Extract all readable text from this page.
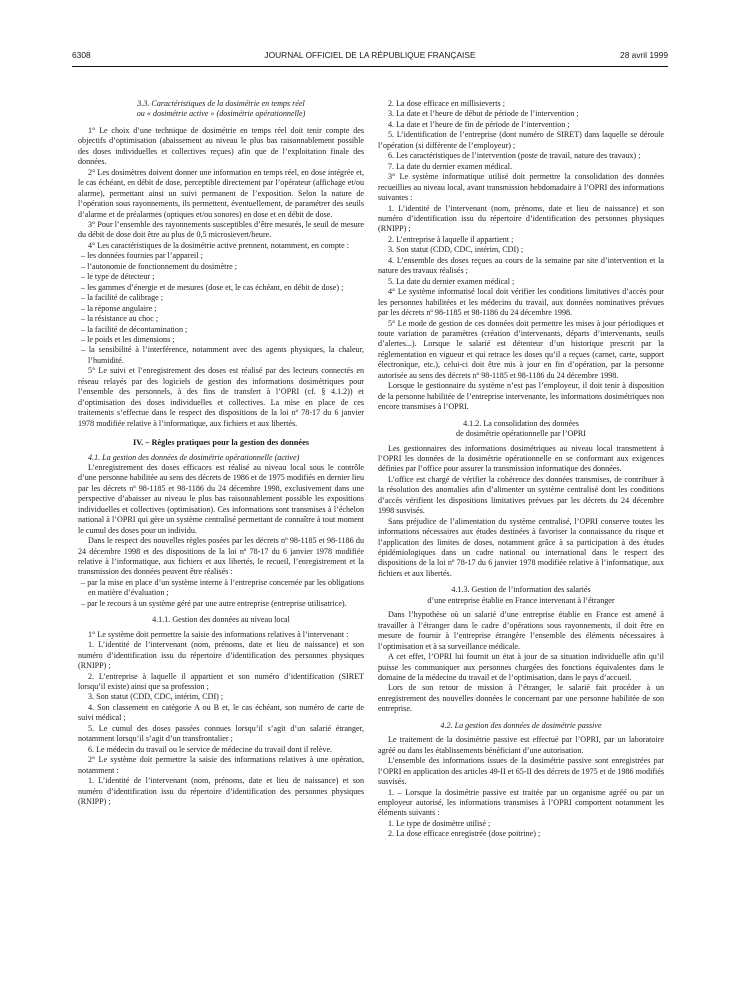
6308	JOURNAL OFFICIEL DE LA RÉPUBLIQUE FRANÇAISE	28 avril 1999
3.3. Caractéristiques de la dosimétrie en temps réel
ou « dosimétrie active » (dosimétrie opérationnelle)

1° Le choix d’une technique de dosimétrie en temps réel doit tenir compte des objectifs d’optimisation (abaissement au niveau le plus bas raisonnablement possible des doses individuelles et collectives reçues) afin que de l’exploitation finale des données.

2° Les dosimètres doivent donner une information en temps réel, en dose intégrée et, le cas échéant, en débit de dose, perceptible directement par l’opérateur (affichage et/ou alarme), permettant ainsi un suivi permanent de l’exposition. Selon la nature de l’opération sous rayonnements, ils permettent, éventuellement, de paramétrer des seuils d’alarme et de préalarmes (optiques et/ou sonores) en dose et en débit de dose.

3° Pour l’ensemble des rayonnements susceptibles d’être mesurés, le seuil de mesure du débit de dose doit être au plus de 0,5 microsievert/heure.

4° Les caractéristiques de la dosimétrie active prennent, notamment, en compte :

– les données fournies par l’appareil ;

– l’autonomie de fonctionnement du dosimètre ;

– le type de détecteur ;

– les gammes d’énergie et de mesures (dose et, le cas échéant, en débit de dose) ;

– la facilité de calibrage ;

– la réponse angulaire ;

– la résistance au choc ;

– la facilité de décontamination ;

– le poids et les dimensions ;

– la sensibilité à l’interférence, notamment avec des agents physiques, la chaleur, l’humidité.

5° Le suivi et l’enregistrement des doses est réalisé par des lecteurs connectés en réseau relayés par des logiciels de gestion des informations dosimétriques pour l’ensemble des personnels, à des fins de transfert à l’OPRI (cf. § 4.1.2)) et d’optimisation des doses individuelles et collectives. La mise en place de ces traitements s’effectue dans le respect des dispositions de la loi nº 78-17 du 6 janvier 1978 modifiée relative à l’informatique, aux fichiers et aux libertés.

IV. – Règles pratiques pour la gestion des données
4.1. La gestion des données de dosimétrie opérationnelle (active)

L’enregistrement des doses efficaces est réalisé au niveau local sous le contrôle d’une personne habilitée au sens des décrets de 1986 et de 1975 modifiés en dernier lieu par les décrets nº 98-1185 et 98-1186 du 24 décembre 1998, exclusivement dans une perspective d’abaisser au niveau le plus bas raisonnablement possible les expositions individuelles et collectives (optimisation). Ces informations sont transmises à l’échelon national à l’OPRI qui gère un système centralisé permettant de connaître à tout moment le cumul des doses pour un individu.

Dans le respect des nouvelles règles posées par les décrets nº 98-1185 et 98-1186 du 24 décembre 1998 et des dispositions de la loi nº 78-17 du 6 janvier 1978 modifiée relative à l’informatique, aux fichiers et aux libertés, le recueil, l’enregistrement et la transmission des données peuvent être réalisés :

– par la mise en place d’un système interne à l’entreprise concernée par les obligations en matière d’évaluation ;

– par le recours à un système géré par une autre entreprise (entreprise utilisatrice).

4.1.1. Gestion des données au niveau local

1° Le système doit permettre la saisie des informations relatives à l’intervenant :

1. L’identité de l’intervenant (nom, prénoms, date et lieu de naissance) et son numéro d’identification issu du répertoire d’identification des personnes physiques (RNIPP) ;

2. L’entreprise à laquelle il appartient et son numéro d’identification (SIRET lorsqu’il existe) ainsi que sa profession ;

3. Son statut (CDD, CDC, intérim, CDI) ;

4. Son classement en catégorie A ou B et, le cas échéant, son numéro de carte de suivi médical ;

5. Le cumul des doses passées connues lorsqu’il s’agit d’un salarié étranger, notamment lorsqu’il s’agit d’un transfrontalier ;

6. Le médecin du travail ou le service de médecine du travail dont il relève.

2° Le système doit permettre la saisie des informations relatives à une opération, notamment :

1. L’identité de l’intervenant (nom, prénoms, date et lieu de naissance) et son numéro d’identification issu du répertoire d’identification des personnes physiques (RNIPP) ;

2. La dose efficace en millisieverts ;

3. La date et l’heure de début de période de l’intervention ;

4. La date et l’heure de fin de période de l’intervention ;

5. L’identification de l’entreprise (dont numéro de SIRET) dans laquelle se déroule l’opération (si différente de l’employeur) ;

6. Les caractéristiques de l’intervention (poste de travail, nature des travaux) ;

7. La date du dernier examen médical.

3° Le système informatique utilisé doit permettre la consolidation des données recueillies au niveau local, avant transmission hebdomadaire à l’OPRI des informations suivantes :

1. L’identité de l’intervenant (nom, prénoms, date et lieu de naissance) et son numéro d’identification issu du répertoire d’identification des personnes physiques (RNIPP) ;

2. L’entreprise à laquelle il appartient ;

3. Son statut (CDD, CDC, intérim, CDI) ;

4. L’ensemble des doses reçues au cours de la semaine par site d’intervention et la nature des travaux réalisés ;

5. La date du dernier examen médical ;

4° Le système informatisé local doit vérifier les conditions limitatives d’accès pour les personnes habilitées et les médecins du travail, aux données nominatives prévues par les décrets nº 98-1185 et 98-1186 du 24 décembre 1998.

5° Le mode de gestion de ces données doit permettre les mises à jour périodiques et toute variation de paramètres (création d’intervenants, départs d’intervenants, seuils d’alertes...). Lorsque le salarié est détenteur d’un historique prescrit par la réglementation en vigueur et qui retrace les doses qu’il a reçues (carnet, carte, support électronique, etc.), celui-ci doit être mis à jour en fin d’opération, par la personne autorisée au sens des décrets nº 98-1185 et 98-1186 du 24 décembre 1998.

Lorsque le gestionnaire du système n’est pas l’employeur, il doit tenir à disposition de la personne habilitée de l’entreprise intervenante, les informations dosimétriques non encore transmises à l’OPRI.

4.1.2. La consolidation des données
de dosimétrie opérationnelle par l’OPRI

Les gestionnaires des informations dosimétriques au niveau local transmettent à l’OPRI les données de la dosimétrie opérationnelle en se conformant aux exigences définies par l’office pour assurer la transmission informatique des données.

L’office est chargé de vérifier la cohérence des données transmises, de contribuer à la résolution des anomalies afin d’alimenter un système centralisé dont les conditions d’accès vérifient les dispositions limitatives prévues par les décrets du 24 décembre 1998 susvisés.

Sans préjudice de l’alimentation du système centralisé, l’OPRI conserve toutes les informations nécessaires aux études destinées à favoriser la connaissance du risque et l’application des limites de doses, notamment grâce à sa participation à des études épidémiologiques dans un cadre national ou international dans le respect des dispositions de la loi nº 78-17 du 6 janvier 1978 modifiée relative à l’informatique, aux fichiers et aux libertés.

4.1.3. Gestion de l’information des salariés
d’une entreprise établie en France intervenant à l’étranger

Dans l’hypothèse où un salarié d’une entreprise établie en France est amené à travailler à l’étranger dans le cadre d’opérations sous rayonnements, il doit être en mesure de fournir à l’entreprise étrangère l’ensemble des éléments nécessaires à l’optimisation et à sa surveillance médicale.

A cet effet, l’OPRI lui fournit un état à jour de sa situation individuelle afin qu’il puisse les communiquer aux personnes chargées des fonctions équivalentes dans le domaine de la médecine du travail et de l’optimisation, dans le pays d’accueil.

Lors de son retour de mission à l’étranger, le salarié fait procéder à un enregistrement des nouvelles données le concernant par une personne habilitée de son entreprise.

4.2. La gestion des données de dosimétrie passive

Le traitement de la dosimétrie passive est effectué par l’OPRI, par un laboratoire agréé ou dans les établissements bénéficiant d’une autorisation.

L’ensemble des informations issues de la dosimétrie passive sont enregistrées par l’OPRI en application des articles 49-II et 65-II des décrets de 1975 et de 1986 modifiés susvisés.

1. – Lorsque la dosimétrie passive est traitée par un organisme agréé ou par un employeur autorisé, les informations transmises à l’OPRI comportent notamment les éléments suivants :

1. Le type de dosimètre utilisé ;

2. La dose efficace enregistrée (dose poitrine) ;
